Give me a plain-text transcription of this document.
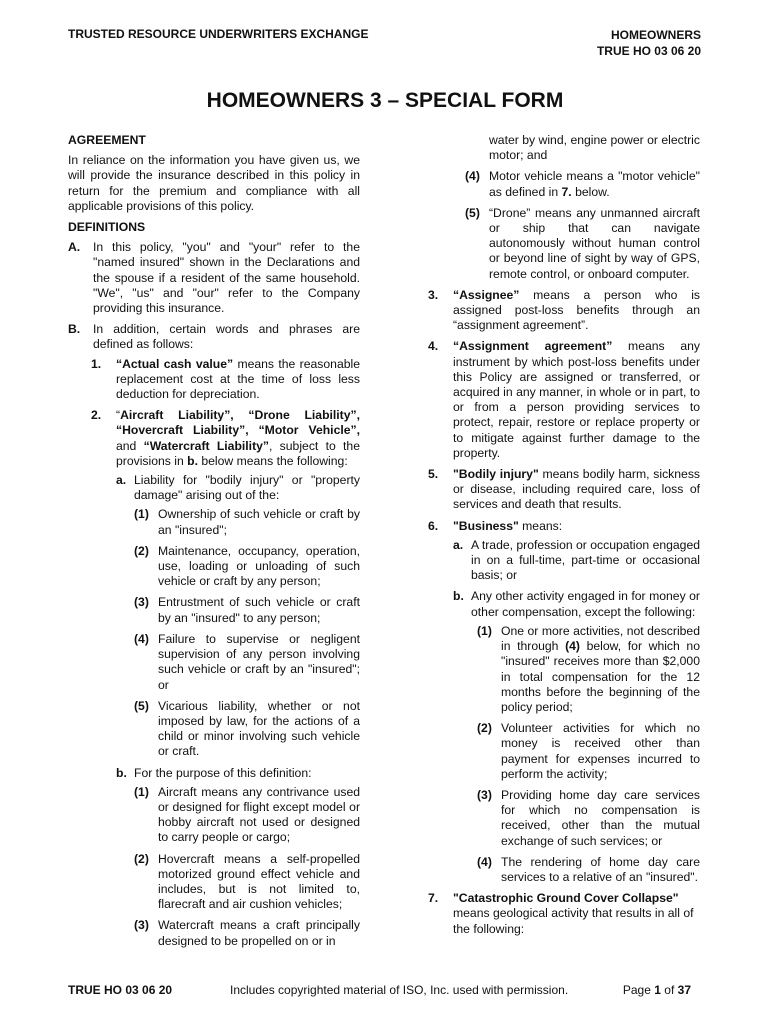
TRUSTED RESOURCE UNDERWRITERS EXCHANGE	HOMEOWNERS
TRUE HO 03 06 20
HOMEOWNERS 3 – SPECIAL FORM
AGREEMENT

In reliance on the information you have given us, we will provide the insurance described in this policy in return for the premium and compliance with all applicable provisions of this policy.

DEFINITIONS
A. In this policy, "you" and "your" refer to the "named insured" shown in the Declarations and the spouse if a resident of the same household. "We", "us" and "our" refer to the Company providing this insurance.

B. In addition, certain words and phrases are defined as follows:

1. “Actual cash value” means the reasonable replacement cost at the time of loss less deduction for depreciation.

2. “Aircraft Liability”, “Drone Liability”, “Hovercraft Liability”, “Motor Vehicle”, and “Watercraft Liability”, subject to the provisions in b. below means the following:

a. Liability for "bodily injury" or "property damage" arising out of the:

(1) Ownership of such vehicle or craft by an "insured";

(2) Maintenance, occupancy, operation, use, loading or unloading of such vehicle or craft by any person;

(3) Entrustment of such vehicle or craft by an "insured" to any person;

(4) Failure to supervise or negligent supervision of any person involving such vehicle or craft by an "insured"; or

(5) Vicarious liability, whether or not imposed by law, for the actions of a child or minor involving such vehicle or craft.

b. For the purpose of this definition:

(1) Aircraft means any contrivance used or designed for flight except model or hobby aircraft not used or designed to carry people or cargo;

(2) Hovercraft means a self-propelled motorized ground effect vehicle and includes, but is not limited to, flarecraft and air cushion vehicles;

(3) Watercraft means a craft principally designed to be propelled on or in

water by wind, engine power or electric motor; and

(4) Motor vehicle means a "motor vehicle" as defined in 7. below.

(5) “Drone” means any unmanned aircraft or ship that can navigate autonomously without human control or beyond line of sight by way of GPS, remote control, or onboard computer.

3. “Assignee” means a person who is assigned post-loss benefits through an “assignment agreement”.

4. “Assignment agreement” means any instrument by which post-loss benefits under this Policy are assigned or transferred, or acquired in any manner, in whole or in part, to or from a person providing services to protect, repair, restore or replace property or to mitigate against further damage to the property.

5. "Bodily injury" means bodily harm, sickness or disease, including required care, loss of services and death that results.

6. "Business" means:

a. A trade, profession or occupation engaged in on a full-time, part-time or occasional basis; or

b. Any other activity engaged in for money or other compensation, except the following:

(1) One or more activities, not described in through (4) below, for which no "insured" receives more than $2,000 in total compensation for the 12 months before the beginning of the policy period;

(2) Volunteer activities for which no money is received other than payment for expenses incurred to perform the activity;

(3) Providing home day care services for which no compensation is received, other than the mutual exchange of such services; or

(4) The rendering of home day care services to a relative of an "insured".

7. "Catastrophic Ground Cover Collapse" means geological activity that results in all of the following:

TRUE HO 03 06 20	Includes copyrighted material of ISO, Inc. used with permission.	Page 1 of 37
